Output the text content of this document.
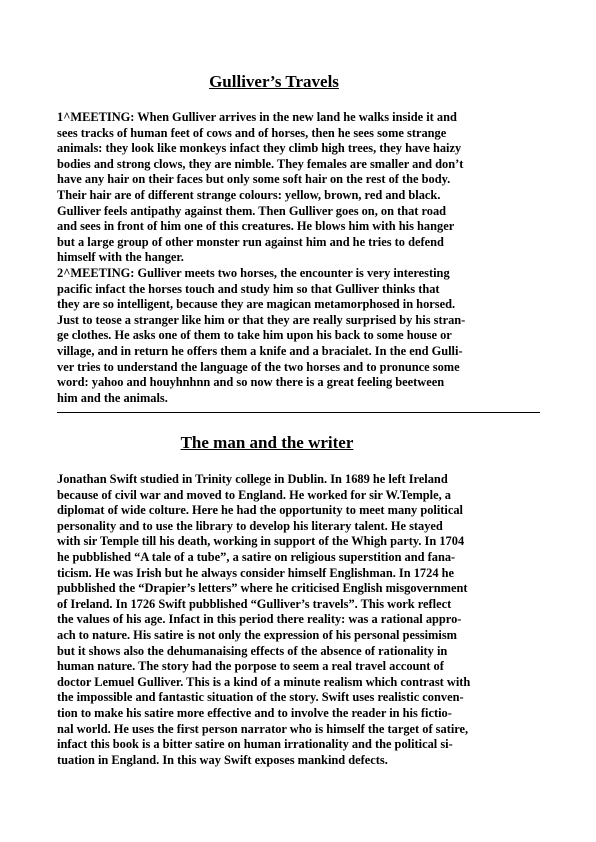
Gulliver’s Travels
1^MEETING: When Gulliver arrives in the new land he walks inside it and
sees tracks of human feet of cows and of horses, then he sees some strange
animals: they look like monkeys infact they climb high trees, they have haizy
bodies and strong clows, they are nimble. They females are smaller and don’t
have any hair on their faces but only some soft hair on the rest of the body.
Their hair are of different strange colours: yellow, brown, red and black.
Gulliver feels antipathy against them. Then Gulliver goes on, on that road
and sees in front of him one of this creatures. He blows him with his hanger
but a large group of other monster run against him and he tries to defend
himself with the hanger.
2^MEETING: Gulliver meets two horses, the encounter is very interesting
pacific infact the horses touch and study him so that Gulliver thinks that
they are so intelligent, because they are magican metamorphosed in horsed.
Just to teose a stranger like him or that they are really surprised by his stran-
ge clothes. He asks one of them to take him upon his back to some house or
village, and in return he offers them a knife and a bracialet. In the end Gulli-
ver tries to understand the language of the two horses and to pronunce some
word: yahoo and houyhnhnn and so now there is a great feeling beetween
him and the animals.
The man and the writer
Jonathan Swift studied in Trinity college in Dublin. In 1689 he left Ireland
because of civil war and moved to England. He worked for sir W.Temple, a
diplomat of wide colture. Here he had the opportunity to meet many political
personality and to use the library to develop his literary talent. He stayed
with sir Temple till his death, working in support of the Whigh party. In 1704
he pubblished “A tale of a tube”, a satire on religious superstition and fana-
ticism. He was Irish but he always consider himself Englishman. In 1724 he
pubblished the “Drapier’s letters” where he criticised English misgovernment
of Ireland. In 1726 Swift pubblished “Gulliver’s travels”. This work reflect
the values of his age. Infact in this period there reality: was a rational appro-
ach to nature. His satire is not only the expression of his personal pessimism
but it shows also the dehumanaising effects of the absence of rationality in
human nature. The story had the porpose to seem a real travel account of
doctor Lemuel Gulliver. This is a kind of a minute realism which contrast with
the impossible and fantastic situation of the story. Swift uses realistic conven-
tion to make his satire more effective and to involve the reader in his fictio-
nal world. He uses the first person narrator who is himself the target of satire,
infact this book is a bitter satire on human irrationality and the political si-
tuation in England. In this way Swift exposes mankind defects.
